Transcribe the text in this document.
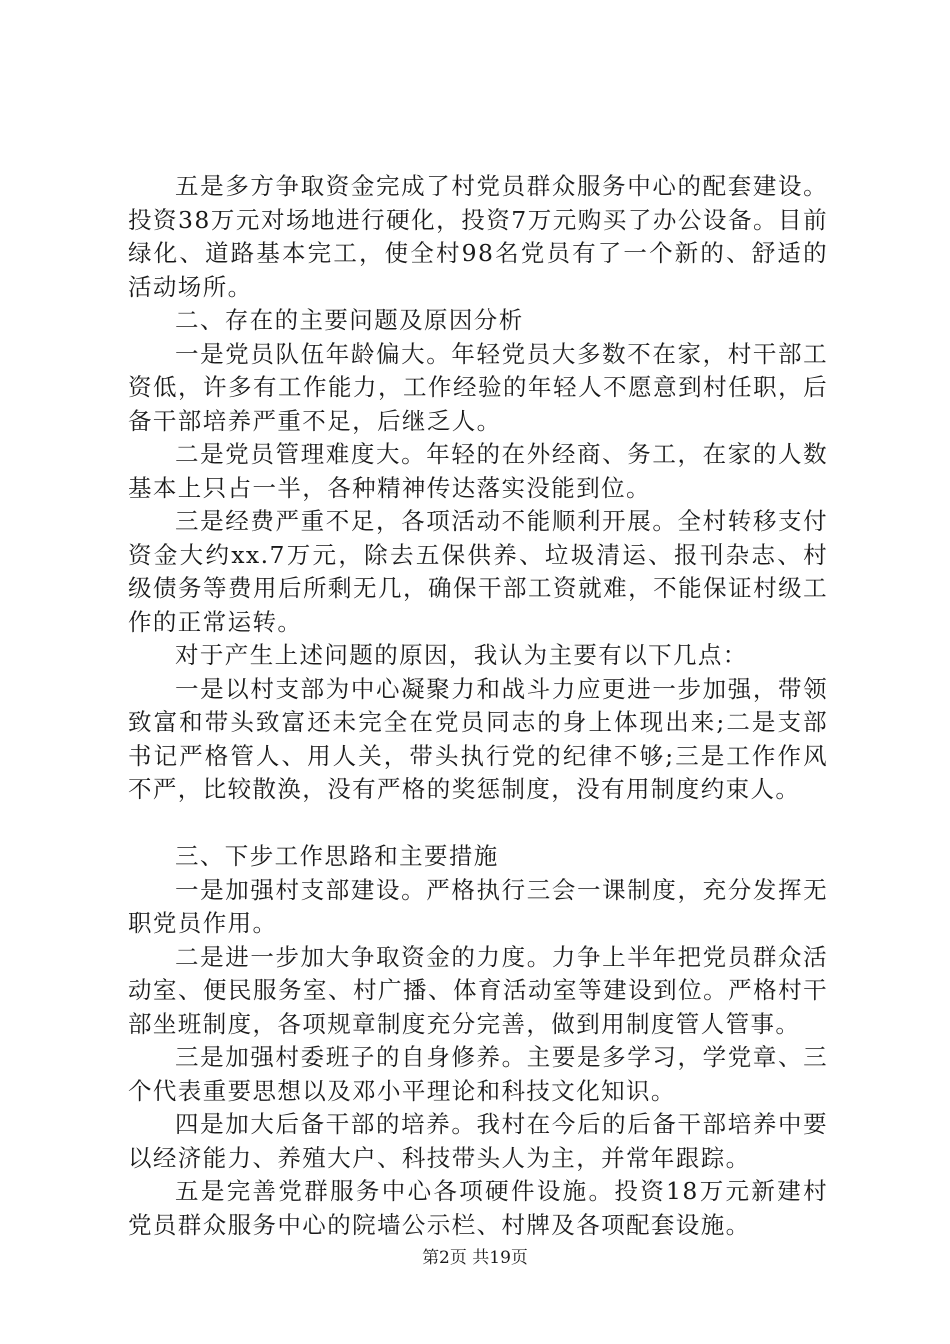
五是多方争取资金完成了村党员群众服务中心的配套建设。投资38万元对场地进行硬化，投资7万元购买了办公设备。目前绿化、道路基本完工，使全村98名党员有了一个新的、舒适的活动场所。

二、存在的主要问题及原因分析

一是党员队伍年龄偏大。年轻党员大多数不在家，村干部工资低，许多有工作能力，工作经验的年轻人不愿意到村任职，后备干部培养严重不足，后继乏人。

二是党员管理难度大。年轻的在外经商、务工，在家的人数基本上只占一半，各种精神传达落实没能到位。

三是经费严重不足，各项活动不能顺利开展。全村转移支付资金大约xx.7万元，除去五保供养、垃圾清运、报刊杂志、村级债务等费用后所剩无几，确保干部工资就难，不能保证村级工作的正常运转。

对于产生上述问题的原因，我认为主要有以下几点：

一是以村支部为中心凝聚力和战斗力应更进一步加强，带领致富和带头致富还未完全在党员同志的身上体现出来;二是支部书记严格管人、用人关，带头执行党的纪律不够;三是工作作风不严，比较散涣，没有严格的奖惩制度，没有用制度约束人。

三、下步工作思路和主要措施

一是加强村支部建设。严格执行三会一课制度，充分发挥无职党员作用。

二是进一步加大争取资金的力度。力争上半年把党员群众活动室、便民服务室、村广播、体育活动室等建设到位。严格村干部坐班制度，各项规章制度充分完善，做到用制度管人管事。

三是加强村委班子的自身修养。主要是多学习，学党章、三个代表重要思想以及邓小平理论和科技文化知识。

四是加大后备干部的培养。我村在今后的后备干部培养中要以经济能力、养殖大户、科技带头人为主，并常年跟踪。

五是完善党群服务中心各项硬件设施。投资18万元新建村党员群众服务中心的院墙公示栏、村牌及各项配套设施。

第2页 共19页
